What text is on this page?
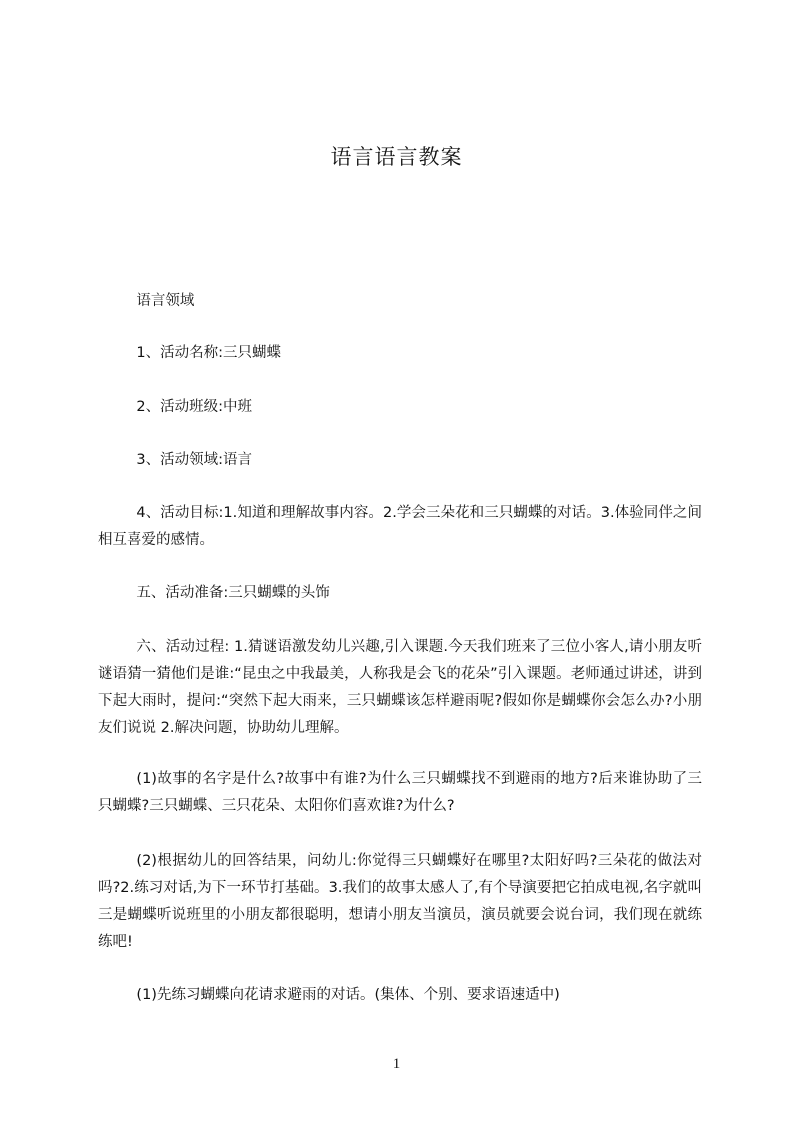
语言语言教案
语言领域
1、活动名称:三只蝴蝶
2、活动班级:中班
3、活动领域:语言
4、活动目标:1.知道和理解故事内容。2.学会三朵花和三只蝴蝶的对话。3.体验同伴之间相互喜爱的感情。
五、活动准备:三只蝴蝶的头饰
六、活动过程: 1.猜谜语激发幼儿兴趣,引入课题.今天我们班来了三位小客人,请小朋友听谜语猜一猜他们是谁:“昆虫之中我最美，人称我是会飞的花朵”引入课题。老师通过讲述，讲到下起大雨时，提问:“突然下起大雨来，三只蝴蝶该怎样避雨呢?假如你是蝴蝶你会怎么办?小朋友们说说 2.解决问题，协助幼儿理解。
(1)故事的名字是什么?故事中有谁?为什么三只蝴蝶找不到避雨的地方?后来谁协助了三只蝴蝶?三只蝴蝶、三只花朵、太阳你们喜欢谁?为什么?
(2)根据幼儿的回答结果，问幼儿:你觉得三只蝴蝶好在哪里?太阳好吗?三朵花的做法对吗?2.练习对话,为下一环节打基础。3.我们的故事太感人了,有个导演要把它拍成电视,名字就叫三是蝴蝶听说班里的小朋友都很聪明，想请小朋友当演员，演员就要会说台词，我们现在就练练吧!
(1)先练习蝴蝶向花请求避雨的对话。(集体、个别、要求语速适中)
1
